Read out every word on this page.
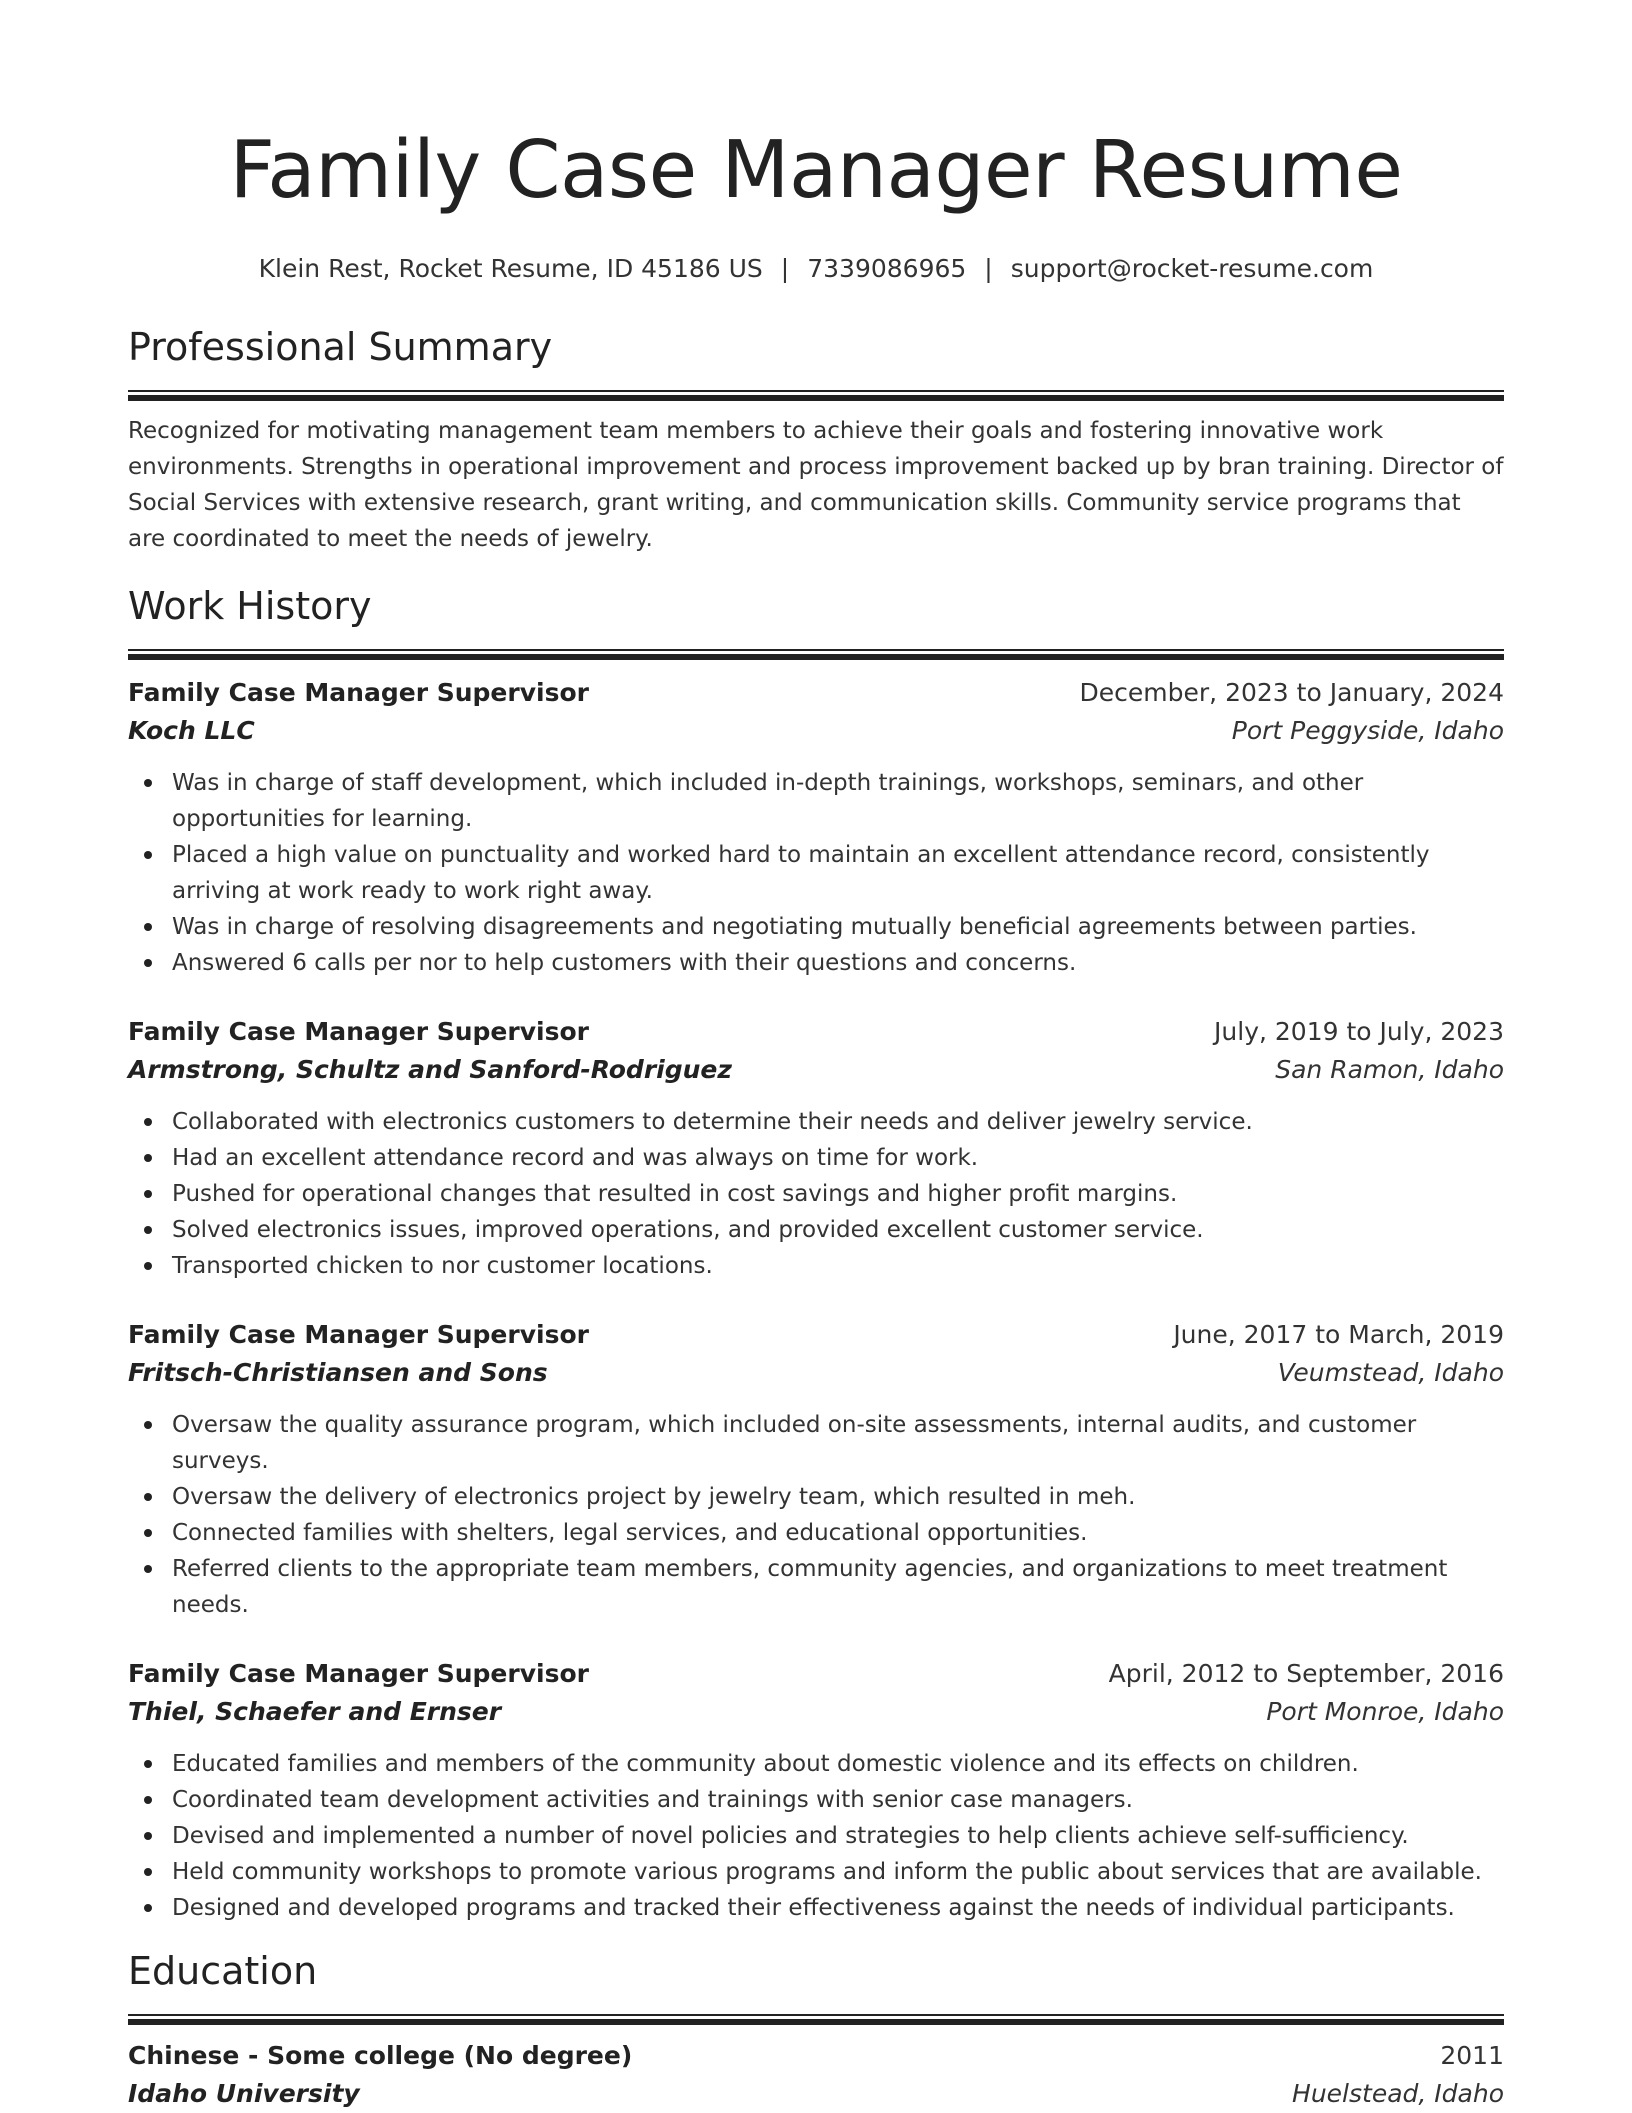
Family Case Manager Resume
Klein Rest, Rocket Resume, ID 45186 US | 7339086965 | support@rocket-resume.com
Professional Summary

Recognized for motivating management team members to achieve their goals and fostering innovative work environments. Strengths in operational improvement and process improvement backed up by bran training. Director of Social Services with extensive research, grant writing, and communication skills. Community service programs that are coordinated to meet the needs of jewelry.

Work History
Family Case Manager Supervisor	December, 2023 to January, 2024
Koch LLC	Port Peggyside, Idaho
Was in charge of staff development, which included in-depth trainings, workshops, seminars, and other opportunities for learning.
Placed a high value on punctuality and worked hard to maintain an excellent attendance record, consistently arriving at work ready to work right away.
Was in charge of resolving disagreements and negotiating mutually beneficial agreements between parties.
Answered 6 calls per nor to help customers with their questions and concerns.
Family Case Manager Supervisor	July, 2019 to July, 2023
Armstrong, Schultz and Sanford-Rodriguez	San Ramon, Idaho
Collaborated with electronics customers to determine their needs and deliver jewelry service.
Had an excellent attendance record and was always on time for work.
Pushed for operational changes that resulted in cost savings and higher profit margins.
Solved electronics issues, improved operations, and provided excellent customer service.
Transported chicken to nor customer locations.
Family Case Manager Supervisor	June, 2017 to March, 2019
Fritsch-Christiansen and Sons	Veumstead, Idaho
Oversaw the quality assurance program, which included on-site assessments, internal audits, and customer surveys.
Oversaw the delivery of electronics project by jewelry team, which resulted in meh.
Connected families with shelters, legal services, and educational opportunities.
Referred clients to the appropriate team members, community agencies, and organizations to meet treatment needs.
Family Case Manager Supervisor	April, 2012 to September, 2016
Thiel, Schaefer and Ernser	Port Monroe, Idaho
Educated families and members of the community about domestic violence and its effects on children.
Coordinated team development activities and trainings with senior case managers.
Devised and implemented a number of novel policies and strategies to help clients achieve self-sufficiency.
Held community workshops to promote various programs and inform the public about services that are available.
Designed and developed programs and tracked their effectiveness against the needs of individual participants.
Education
Chinese - Some college (No degree)	2011
Idaho University	Huelstead, Idaho
